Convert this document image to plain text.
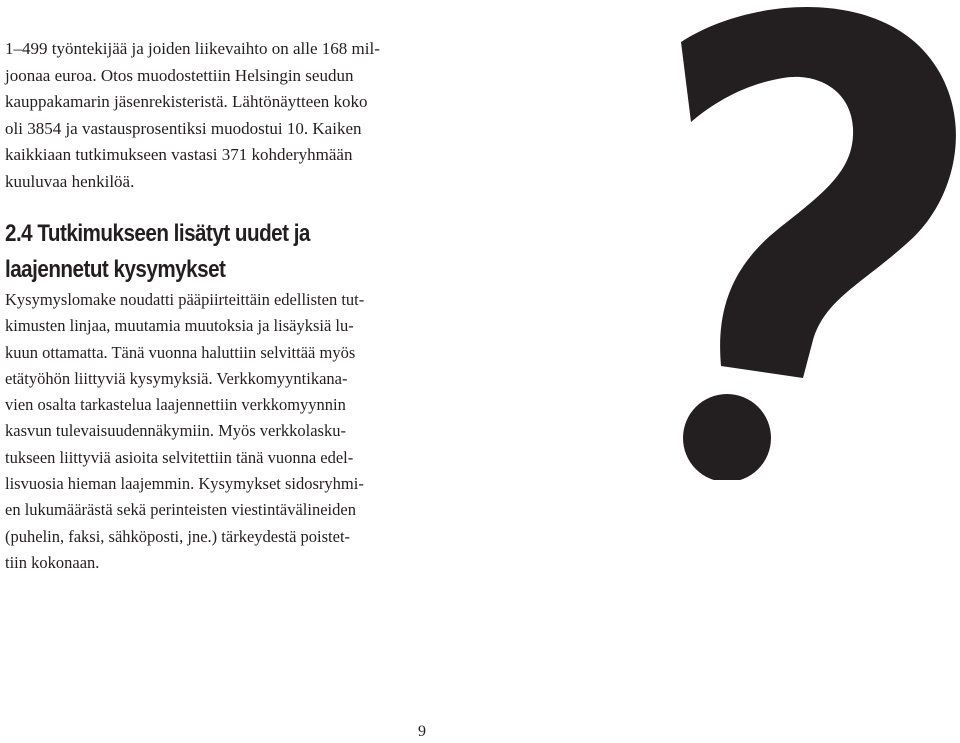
1–499 työntekijää ja joiden liikevaihto on alle 168 mil-
joonaa euroa. Otos muodostettiin Helsingin seudun
kauppakamarin jäsenrekisteristä. Lähtönäytteen koko
oli 3854 ja vastausprosentiksi muodostui 10. Kaiken
kaikkiaan tutkimukseen vastasi 371 kohderyhmään
kuuluvaa henkilöä.
2.4 Tutkimukseen lisätyt uudet ja
laajennetut kysymykset
Kysymyslomake noudatti pääpiirteittäin edellisten tut-
kimusten linjaa, muutamia muutoksia ja lisäyksiä lu-
kuun ottamatta. Tänä vuonna haluttiin selvittää myös
etätyöhön liittyviä kysymyksiä. Verkkomyyntikana-
vien osalta tarkastelua laajennettiin verkkomyynnin
kasvun tulevaisuudennäkymiin. Myös verkkolasku-
tukseen liittyviä asioita selvitettiin tänä vuonna edel-
lisvuosia hieman laajemmin. Kysymykset sidosryhmi-
en lukumäärästä sekä perinteisten viestintävälineiden
(puhelin, faksi, sähköposti, jne.) tärkeydestä poistet-
tiin kokonaan.
9
